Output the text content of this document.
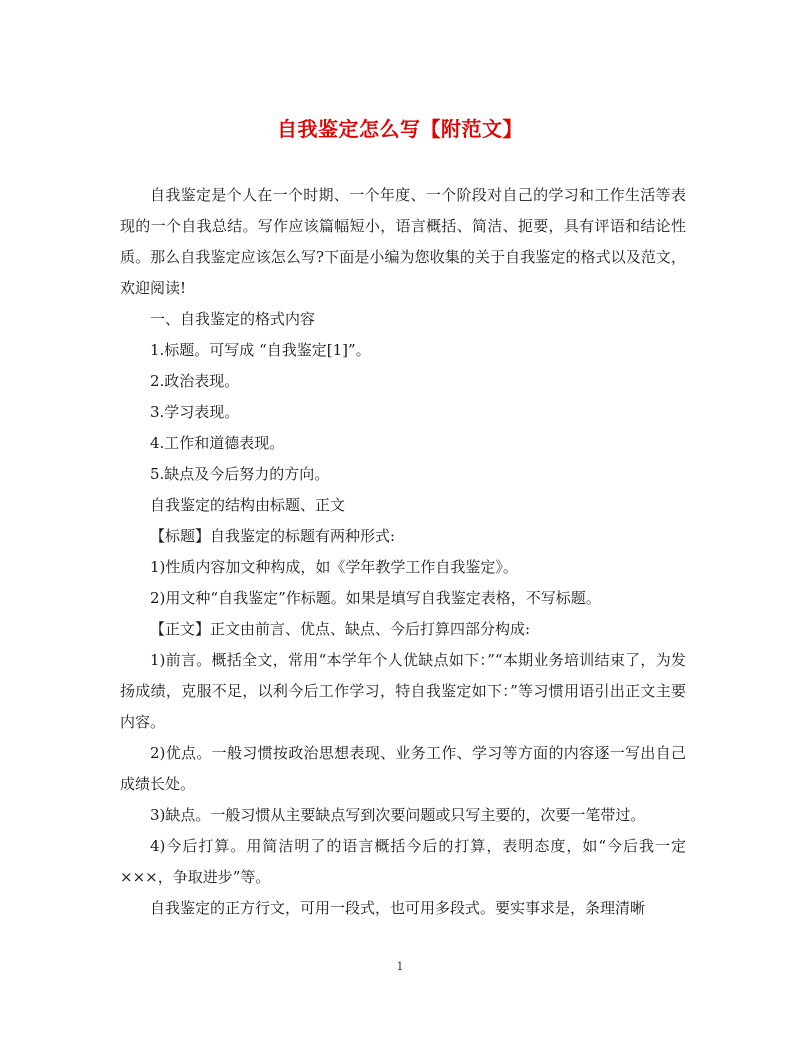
自我鉴定怎么写【附范文】

自我鉴定是个人在一个时期、一个年度、一个阶段对自己的学习和工作生活等表现的一个自我总结。写作应该篇幅短小，语言概括、简洁、扼要，具有评语和结论性质。那么自我鉴定应该怎么写?下面是小编为您收集的关于自我鉴定的格式以及范文，欢迎阅读!

一、自我鉴定的格式内容

1.标题。可写成 “自我鉴定[1]”。

2.政治表现。

3.学习表现。

4.工作和道德表现。

5.缺点及今后努力的方向。

自我鉴定的结构由标题、正文

【标题】自我鉴定的标题有两种形式:

1)性质内容加文种构成，如《学年教学工作自我鉴定》。

2)用文种“自我鉴定”作标题。如果是填写自我鉴定表格，不写标题。

【正文】正文由前言、优点、缺点、今后打算四部分构成:

1)前言。概括全文，常用“本学年个人优缺点如下：”“本期业务培训结束了，为发扬成绩，克服不足，以利今后工作学习，特自我鉴定如下：”等习惯用语引出正文主要内容。

2)优点。一般习惯按政治思想表现、业务工作、学习等方面的内容逐一写出自己成绩长处。

3)缺点。一般习惯从主要缺点写到次要问题或只写主要的，次要一笔带过。

4)今后打算。用简洁明了的语言概括今后的打算，表明态度，如“今后我一定×××，争取进步”等。

自我鉴定的正方行文，可用一段式，也可用多段式。要实事求是，条理清晰

1
